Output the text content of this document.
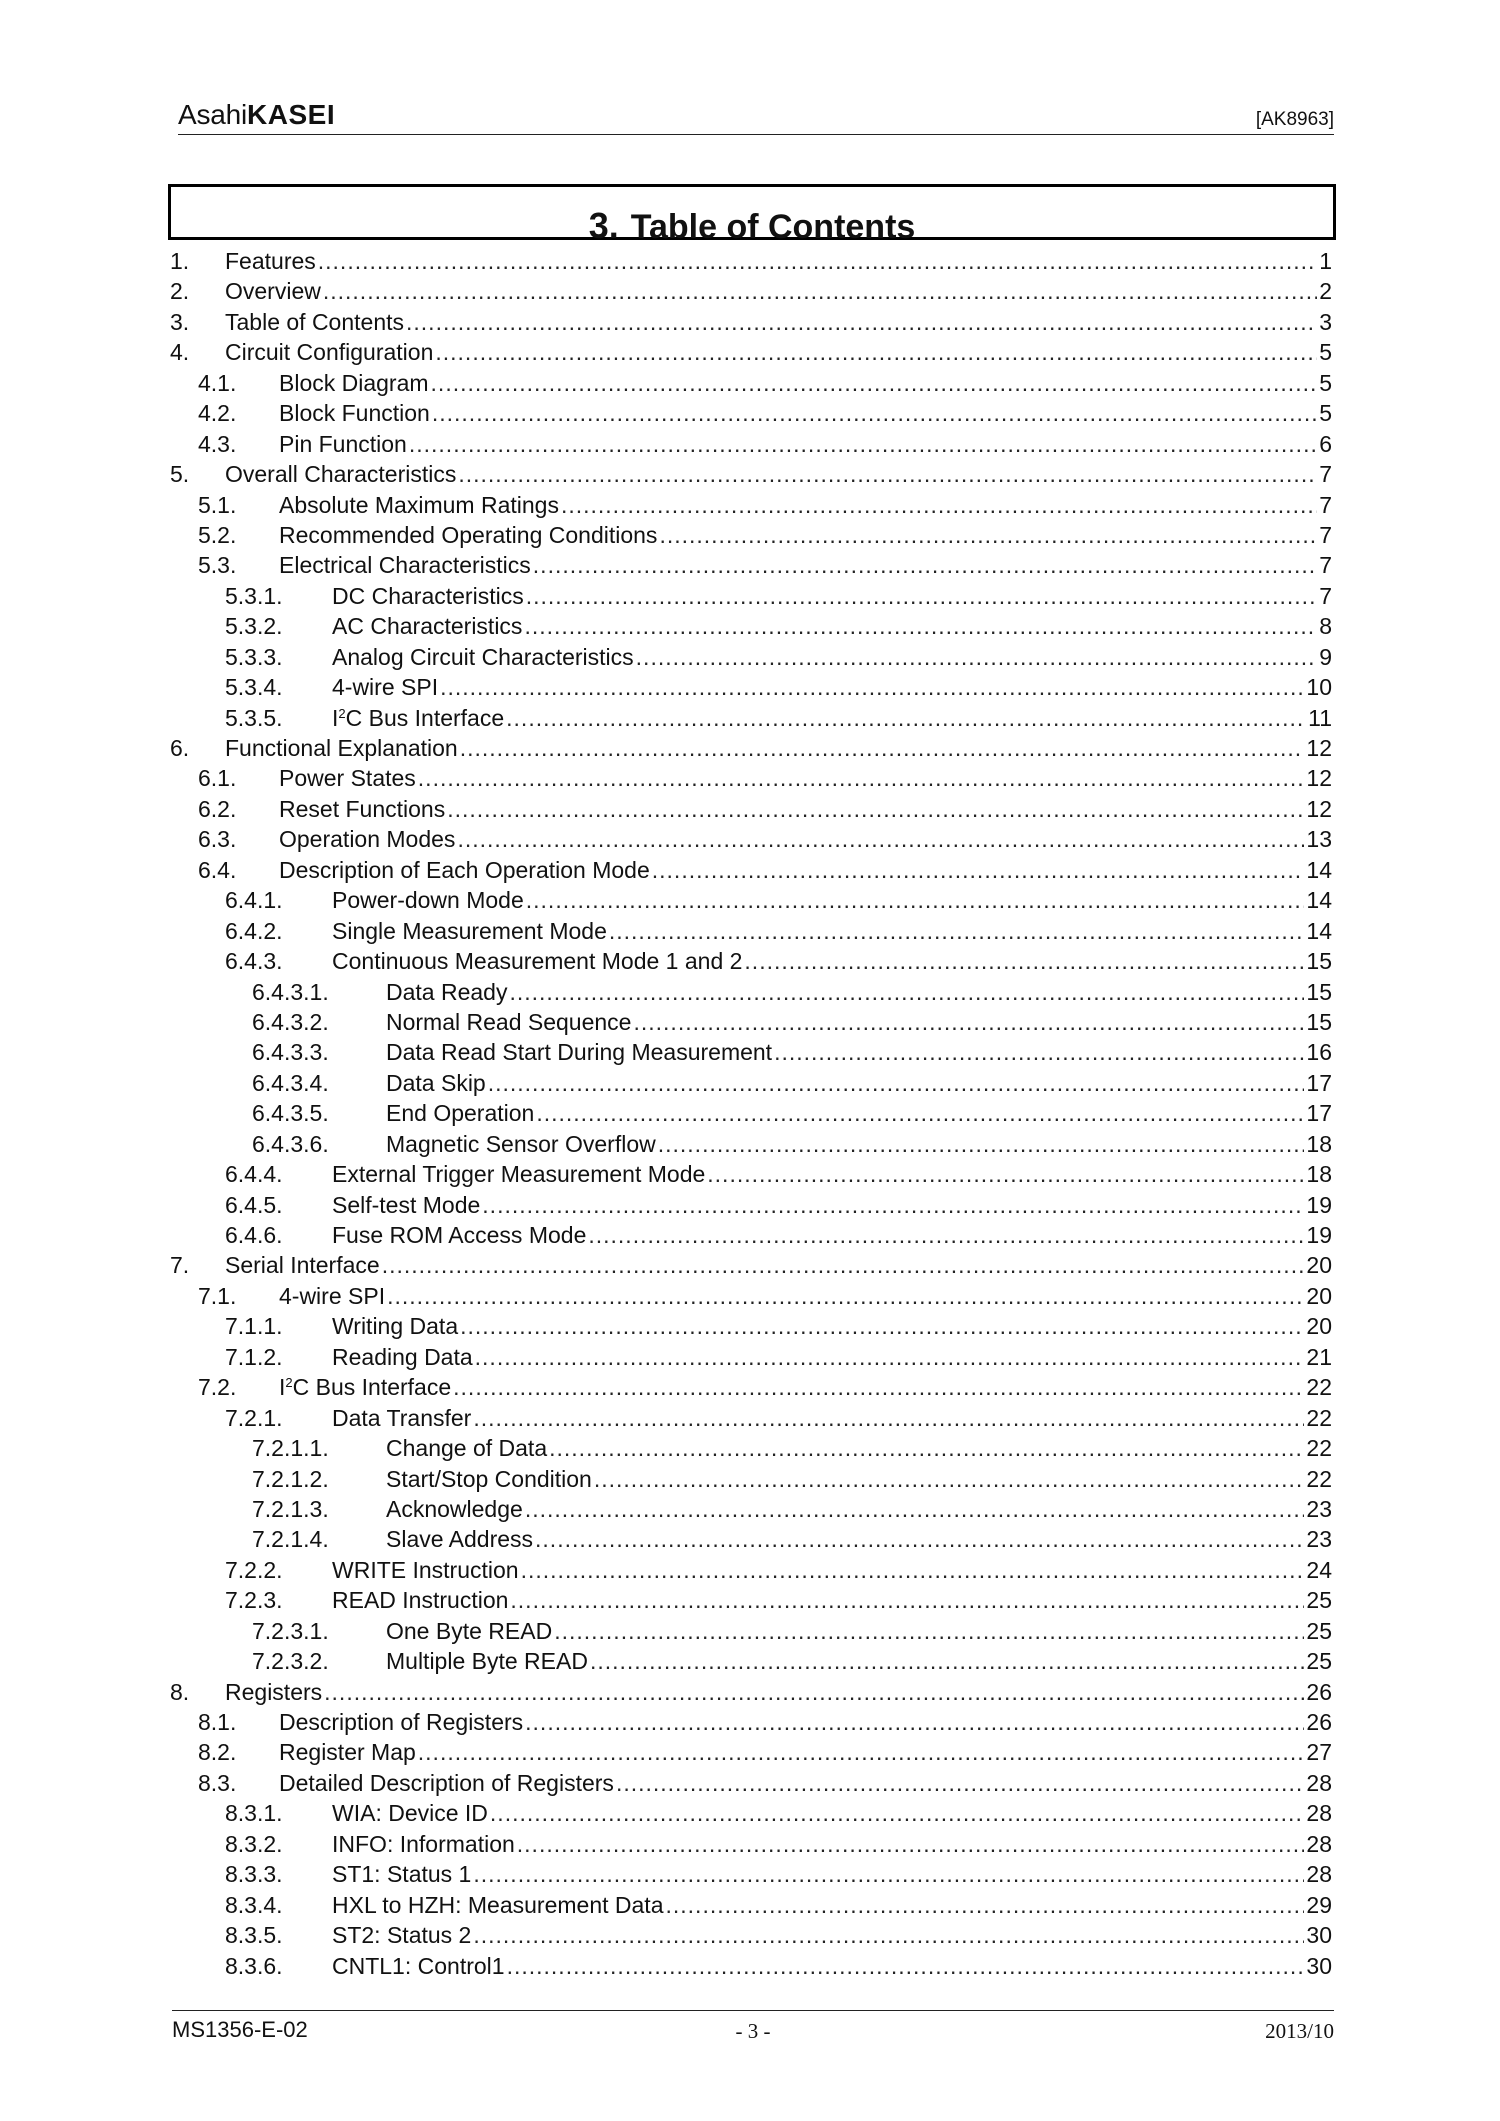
AsahiKASEI	[AK8963]
3. Table of Contents
1.	Features .....	1
2.	Overview .....	2
3.	Table of Contents .....	3
4.	Circuit Configuration .....	5
4.1.	Block Diagram .....	5
4.2.	Block Function .....	5
4.3.	Pin Function .....	6
5.	Overall Characteristics .....	7
5.1.	Absolute Maximum Ratings .....	7
5.2.	Recommended Operating Conditions .....	7
5.3.	Electrical Characteristics .....	7
5.3.1.	DC Characteristics .....	7
5.3.2.	AC Characteristics .....	8
5.3.3.	Analog Circuit Characteristics .....	9
5.3.4.	4-wire SPI .....	10
5.3.5.	$I^2C$ Bus Interface .....	11
6.	Functional Explanation .....	12
6.1.	Power States .....	12
6.2.	Reset Functions .....	12
6.3.	Operation Modes .....	13
6.4.	Description of Each Operation Mode .....	14
6.4.1.	Power-down Mode .....	14
6.4.2.	Single Measurement Mode .....	14
6.4.3.	Continuous Measurement Mode 1 and 2 .....	15
6.4.3.1.	Data Ready .....	15
6.4.3.2.	Normal Read Sequence .....	15
6.4.3.3.	Data Read Start During Measurement .....	16
6.4.3.4.	Data Skip .....	17
6.4.3.5.	End Operation .....	17
6.4.3.6.	Magnetic Sensor Overflow .....	18
6.4.4.	External Trigger Measurement Mode .....	18
6.4.5.	Self-test Mode .....	19
6.4.6.	Fuse ROM Access Mode .....	19
7.	Serial Interface .....	20
7.1.	4-wire SPI .....	20
7.1.1.	Writing Data .....	20
7.1.2.	Reading Data .....	21
7.2.	$I^2C$ Bus Interface .....	22
7.2.1.	Data Transfer .....	22
7.2.1.1.	Change of Data .....	22
7.2.1.2.	Start/Stop Condition .....	22
7.2.1.3.	Acknowledge .....	23
7.2.1.4.	Slave Address .....	23
7.2.2.	WRITE Instruction .....	24
7.2.3.	READ Instruction .....	25
7.2.3.1.	One Byte READ .....	25
7.2.3.2.	Multiple Byte READ .....	25
8.	Registers .....	26
8.1.	Description of Registers .....	26
8.2.	Register Map .....	27
8.3.	Detailed Description of Registers .....	28
8.3.1.	WIA: Device ID .....	28
8.3.2.	INFO: Information .....	28
8.3.3.	ST1: Status 1 .....	28
8.3.4.	HXL to HZH: Measurement Data .....	29
8.3.5.	ST2: Status 2 .....	30
8.3.6.	CNTL1: Control1 .....	30
MS1356-E-02	- 3 -	2013/10
